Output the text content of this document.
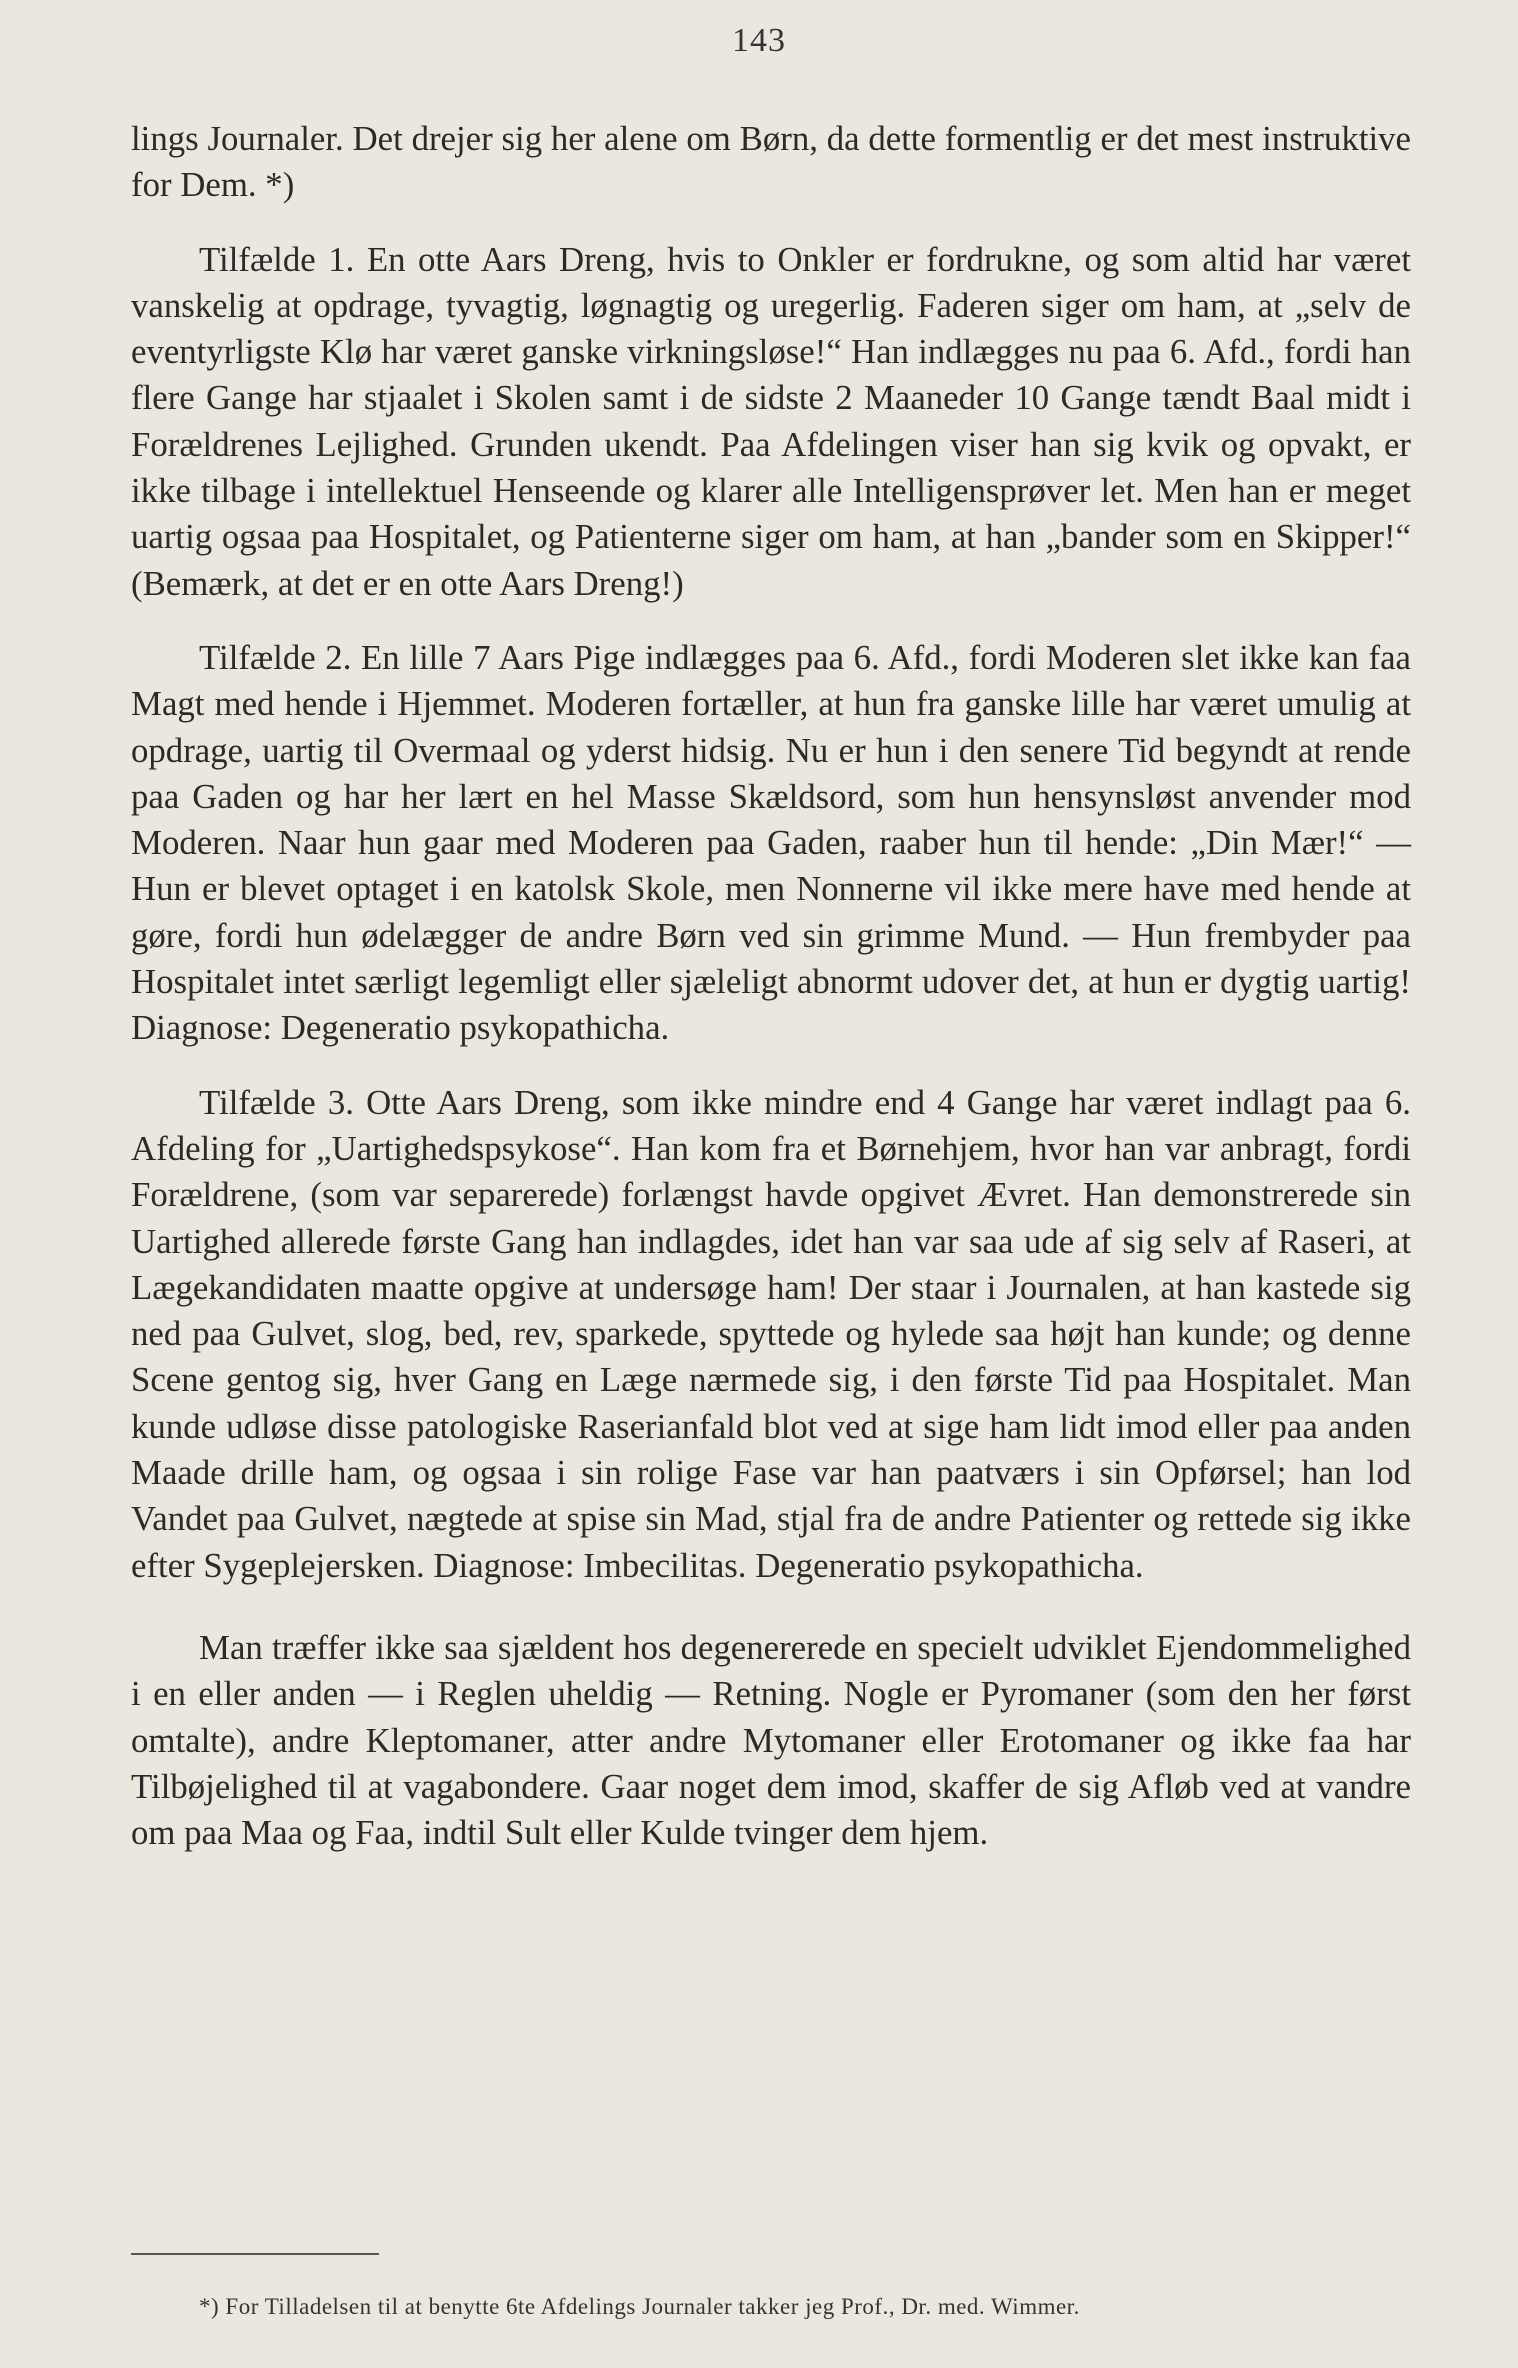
143

lings Journaler. Det drejer sig her alene om Børn, da dette formentlig er det mest instruktive for Dem. *)

Tilfælde 1. En otte Aars Dreng, hvis to Onkler er fordrukne, og som altid har været vanskelig at opdrage, tyvagtig, løgnagtig og uregerlig. Faderen siger om ham, at „selv de eventyrligste Klø har været ganske virkningsløse!“ Han indlægges nu paa 6. Afd., fordi han flere Gange har stjaalet i Skolen samt i de sidste 2 Maaneder 10 Gange tændt Baal midt i Forældrenes Lejlighed. Grunden ukendt. Paa Afdelingen viser han sig kvik og opvakt, er ikke tilbage i intellektuel Henseende og klarer alle Intelligensprøver let. Men han er meget uartig ogsaa paa Hospitalet, og Patienterne siger om ham, at han „bander som en Skipper!“ (Bemærk, at det er en otte Aars Dreng!)

Tilfælde 2. En lille 7 Aars Pige indlægges paa 6. Afd., fordi Moderen slet ikke kan faa Magt med hende i Hjemmet. Moderen fortæller, at hun fra ganske lille har været umulig at opdrage, uartig til Overmaal og yderst hidsig. Nu er hun i den senere Tid begyndt at rende paa Gaden og har her lært en hel Masse Skældsord, som hun hensynsløst anvender mod Moderen. Naar hun gaar med Moderen paa Gaden, raaber hun til hende: „Din Mær!“ — Hun er blevet optaget i en katolsk Skole, men Nonnerne vil ikke mere have med hende at gøre, fordi hun ødelægger de andre Børn ved sin grimme Mund. — Hun frembyder paa Hospitalet intet særligt legemligt eller sjæleligt abnormt udover det, at hun er dygtig uartig! Diagnose: Degeneratio psykopathicha.

Tilfælde 3. Otte Aars Dreng, som ikke mindre end 4 Gange har været indlagt paa 6. Afdeling for „Uartighedspsykose“. Han kom fra et Børnehjem, hvor han var anbragt, fordi Forældrene, (som var separerede) forlængst havde opgivet Ævret. Han demonstrerede sin Uartighed allerede første Gang han indlagdes, idet han var saa ude af sig selv af Raseri, at Lægekandidaten maatte opgive at undersøge ham! Der staar i Journalen, at han kastede sig ned paa Gulvet, slog, bed, rev, sparkede, spyttede og hylede saa højt han kunde; og denne Scene gentog sig, hver Gang en Læge nærmede sig, i den første Tid paa Hospitalet. Man kunde udløse disse patologiske Raserianfald blot ved at sige ham lidt imod eller paa anden Maade drille ham, og ogsaa i sin rolige Fase var han paatværs i sin Opførsel; han lod Vandet paa Gulvet, nægtede at spise sin Mad, stjal fra de andre Patienter og rettede sig ikke efter Sygeplejersken. Diagnose: Imbecilitas. Degeneratio psykopathicha.

Man træffer ikke saa sjældent hos degenererede en specielt udviklet Ejendommelighed i en eller anden — i Reglen uheldig — Retning. Nogle er Pyromaner (som den her først omtalte), andre Kleptomaner, atter andre Mytomaner eller Erotomaner og ikke faa har Tilbøjelighed til at vagabondere. Gaar noget dem imod, skaffer de sig Afløb ved at vandre om paa Maa og Faa, indtil Sult eller Kulde tvinger dem hjem.

*) For Tilladelsen til at benytte 6te Afdelings Journaler takker jeg Prof., Dr. med. Wimmer.
